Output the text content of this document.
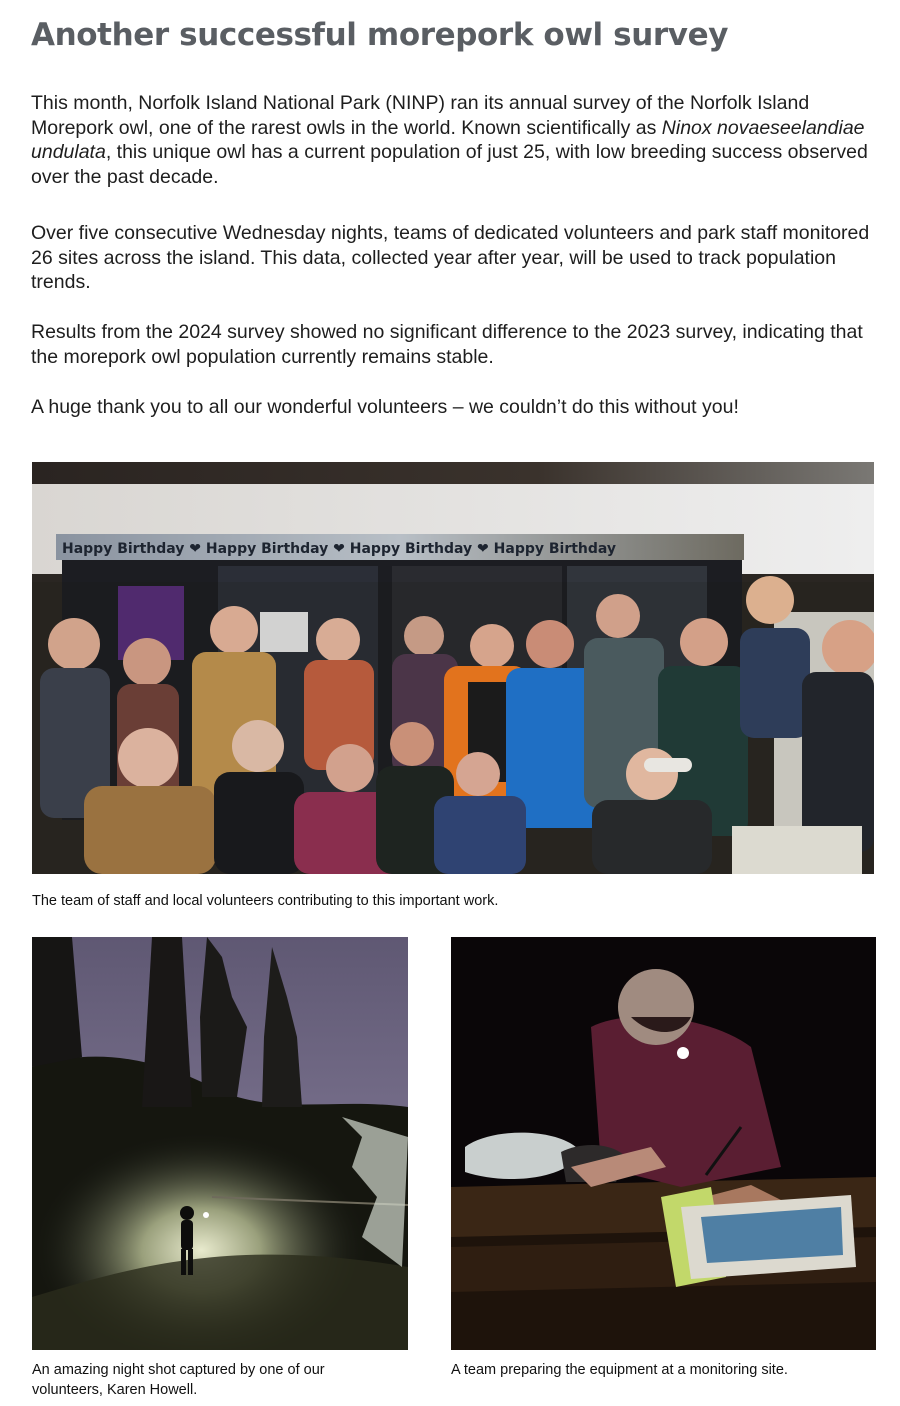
Another successful morepork owl survey

This month, Norfolk Island National Park (NINP) ran its annual survey of the Norfolk Island Morepork owl, one of the rarest owls in the world. Known scientifically as Ninox novaeseelandiae undulata, this unique owl has a current population of just 25, with low breeding success observed over the past decade.

Over five consecutive Wednesday nights, teams of dedicated volunteers and park staff monitored 26 sites across the island. This data, collected year after year, will be used to track population trends.

Results from the 2024 survey showed no significant difference to the 2023 survey, indicating that the morepork owl population currently remains stable.

A huge thank you to all our wonderful volunteers – we couldn’t do this without you!

Happy Birthday ❤ Happy Birthday ❤ Happy Birthday ❤ Happy Birthday
The team of staff and local volunteers contributing to this important work.
An amazing night shot captured by one of our volunteers, Karen Howell.
A team preparing the equipment at a monitoring site.
